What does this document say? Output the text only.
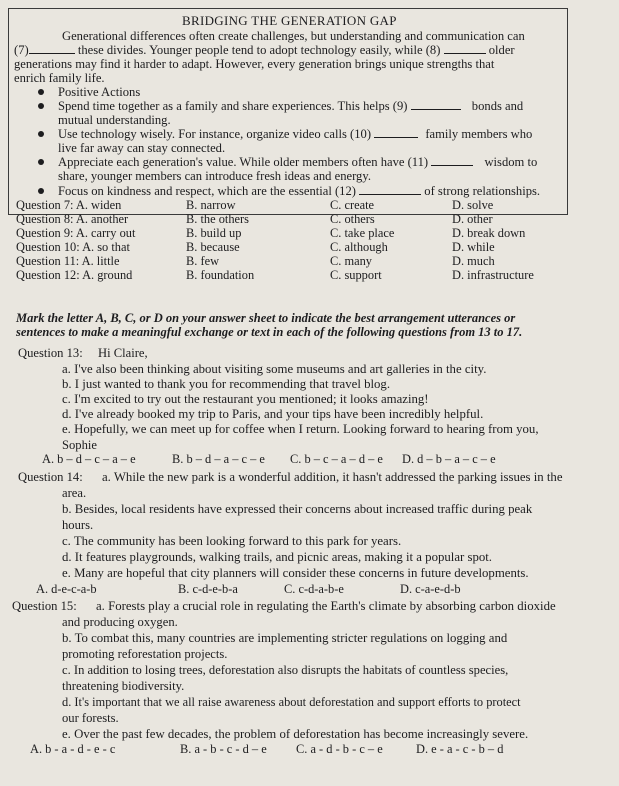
BRIDGING THE GENERATION GAP
Generational differences often create challenges, but understanding and communication can
(7)	these divides. Younger people tend to adopt technology easily, while (8)	older
generations may find it harder to adapt. However, every generation brings unique strengths that
enrich family life.
Positive Actions
Spend time together as a family and share experiences. This helps (9)	bonds and
mutual understanding.
Use technology wisely. For instance, organize video calls (10)	family members who
live far away can stay connected.
Appreciate each generation's value. While older members often have (11)	wisdom to
share, younger members can introduce fresh ideas and energy.
Focus on kindness and respect, which are the essential (12)	of strong relationships.
Question 7: A. widen	B. narrow	C. create	D. solve
Question 8: A. another	B. the others	C. others	D. other
Question 9: A. carry out	B. build up	C. take place	D. break down
Question 10: A. so that	B. because	C. although	D. while
Question 11: A. little	B. few	C. many	D. much
Question 12: A. ground	B. foundation	C. support	D. infrastructure
Mark the letter A, B, C, or D on your answer sheet to indicate the best arrangement utterances or
sentences to make a meaningful exchange or text in each of the following questions from 13 to 17.
Question 13: Hi Claire,
a. I've also been thinking about visiting some museums and art galleries in the city.
b. I just wanted to thank you for recommending that travel blog.
c. I'm excited to try out the restaurant you mentioned; it looks amazing!
d. I've already booked my trip to Paris, and your tips have been incredibly helpful.
e. Hopefully, we can meet up for coffee when I return. Looking forward to hearing from you,
Sophie
A. b – d – c – a – e	B. b – d – a – c – e C. b – c – a – d – e D. d – b – a – c – e
Question 14: a. While the new park is a wonderful addition, it hasn't addressed the parking issues in the
area.
b. Besides, local residents have expressed their concerns about increased traffic during peak
hours.
c. The community has been looking forward to this park for years.
d. It features playgrounds, walking trails, and picnic areas, making it a popular spot.
e. Many are hopeful that city planners will consider these concerns in future developments.
A. d-e-c-a-b	B. c-d-e-b-a	C. c-d-a-b-e	D. c-a-e-d-b
Question 15: a. Forests play a crucial role in regulating the Earth's climate by absorbing carbon dioxide
and producing oxygen.
b. To combat this, many countries are implementing stricter regulations on logging and
promoting reforestation projects.
c. In addition to losing trees, deforestation also disrupts the habitats of countless species,
threatening biodiversity.
d. It's important that we all raise awareness about deforestation and support efforts to protect
our forests.
e. Over the past few decades, the problem of deforestation has become increasingly severe.
A. b - a - d - e - c	B. a - b - c - d – e C. a - d - b - c – e	D. e - a - c - b – d
